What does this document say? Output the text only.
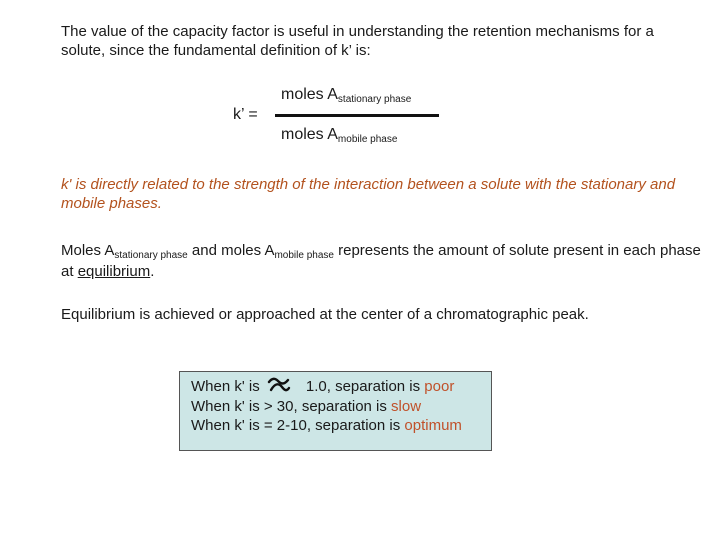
The value of the capacity factor is useful in understanding the retention mechanisms for a solute, since the fundamental definition of k’ is:

k’ =
moles Astationary phase
moles Amobile phase

k' is directly related to the strength of the interaction between a solute with the stationary and mobile phases.

Moles $A_{stationary phase}$ and moles $A_{mobile phase}$ represents the amount of solute present in each phase at equilibrium.

Equilibrium is achieved or approached at the center of a chromatographic peak.

When k' is	1.0, separation is poor
When k' is > 30, separation is slow
When k' is = 2-10, separation is optimum
